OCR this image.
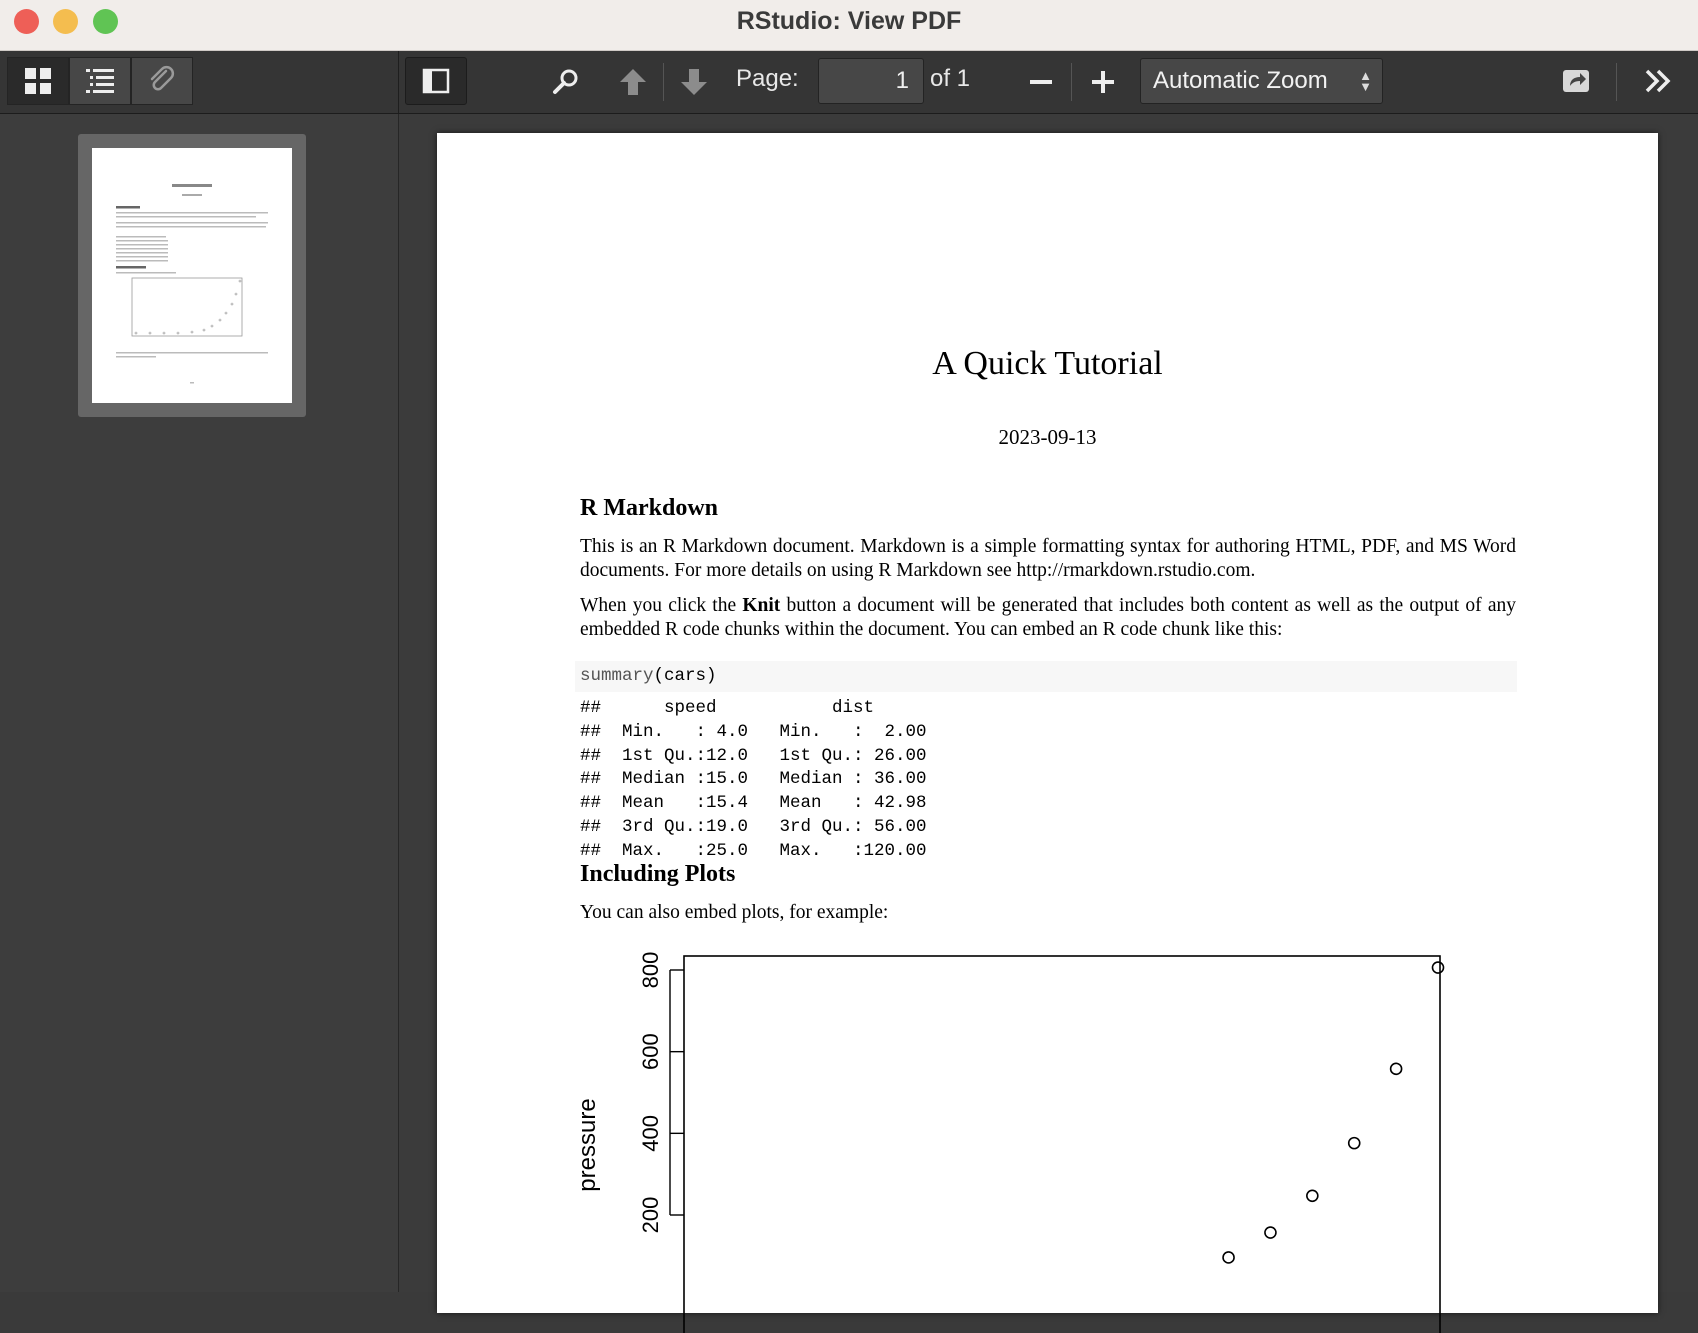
RStudio: View PDF
Page:	1 of 1	Automatic Zoom ▲
▼
A Quick Tutorial
2023-09-13
R Markdown
This is an R Markdown document. Markdown is a simple formatting syntax for authoring HTML, PDF, and MS Word documents. For more details on using R Markdown see http://rmarkdown.rstudio.com.
When you click the Knit button a document will be generated that includes both content as well as the output of any embedded R code chunks within the document. You can embed an R code chunk like this:
summary(cars)
##      speed           dist
##  Min.   : 4.0   Min.   :  2.00
##  1st Qu.:12.0   1st Qu.: 26.00
##  Median :15.0   Median : 36.00
##  Mean   :15.4   Mean   : 42.98
##  3rd Qu.:19.0   3rd Qu.: 56.00
##  Max.   :25.0   Max.   :120.00
Including Plots
You can also embed plots, for example:
200
400
600
800
pressure
